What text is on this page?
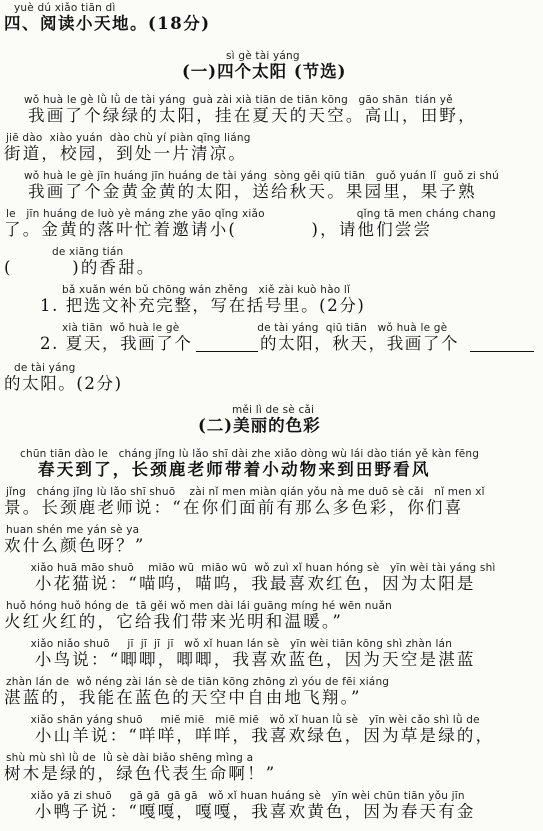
yuè dú xiǎo tiān dì
四、阅读小天地。(18分)
sì gè tài yáng
(一)四个太阳 (节选)
wǒ huà le gè lǜ lǜ de tài yáng  guà zài xià tiān de tiān kōng   gāo shān  tián yě
我画了个绿绿的太阳，挂在夏天的天空。高山，田野，
jiē dào  xiào yuán  dào chù yí piàn qīng liáng
街道，校园，到处一片清凉。
wǒ huà le gè jīn huáng jīn huáng de tài yáng  sòng gěi qiū tiān   guǒ yuán lǐ  guǒ zi shú
我画了个金黄金黄的太阳，送给秋天。果园里，果子熟
le   jīn huáng de luò yè máng zhe yāo qǐng xiǎo                          qǐng tā men cháng chang
了。金黄的落叶忙着邀请小(          )，请他们尝尝
de xiāng tián
(        )的香甜。
bǎ xuǎn wén bǔ chōng wán zhěng   xiě zài kuò hào lǐ
1. 把选文补充完整，写在括号里。(2分)
xià tiān  wǒ huà le gè                      de tài yáng  qiū tiān   wǒ huà le gè
2. 夏天，我画了个	的太阳，秋天，我画了个
de tài yáng
的太阳。(2分)
měi lì de sè cǎi
(二)美丽的色彩
chūn tiān dào le   cháng jǐng lù lǎo shī dài zhe xiǎo dòng wù lái dào tián yě kàn fēng
春天到了，长颈鹿老师带着小动物来到田野看风
jǐng   cháng jǐng lù lǎo shī shuō    zài nǐ men miàn qián yǒu nà me duō sè cǎi   nǐ men xǐ
景。长颈鹿老师说：“在你们面前有那么多色彩，你们喜
huan shén me yán sè ya
欢什么颜色呀？”
xiǎo huā māo shuō    miāo wū  miāo wū  wǒ zuì xǐ huan hóng sè   yīn wèi tài yáng shì
小花猫说：“喵呜，喵呜，我最喜欢红色，因为太阳是
huǒ hóng huǒ hóng de  tā gěi wǒ men dài lái guāng míng hé wēn nuǎn
火红火红的，它给我们带来光明和温暖。”
xiǎo niǎo shuō     jī  jī  jī  jī   wǒ xǐ huan lán sè   yīn wèi tiān kōng shì zhàn lán
小鸟说：“唧唧，唧唧，我喜欢蓝色，因为天空是湛蓝
zhàn lán de  wǒ néng zài lán sè de tiān kōng zhōng zì yóu de fēi xiáng
湛蓝的，我能在蓝色的天空中自由地飞翔。”
xiǎo shān yáng shuō     miē miē   miē miē   wǒ xǐ huan lǜ sè   yīn wèi cǎo shì lǜ de
小山羊说：“咩咩，咩咩，我喜欢绿色，因为草是绿的，
shù mù shì lǜ de  lǜ sè dài biǎo shēng mìng a
树木是绿的，绿色代表生命啊！”
xiǎo yā zi shuō     gā gā  gā gā   wǒ xǐ huan huáng sè   yīn wèi chūn tiān yǒu jīn
小鸭子说：“嘎嘎，嘎嘎，我喜欢黄色，因为春天有金
